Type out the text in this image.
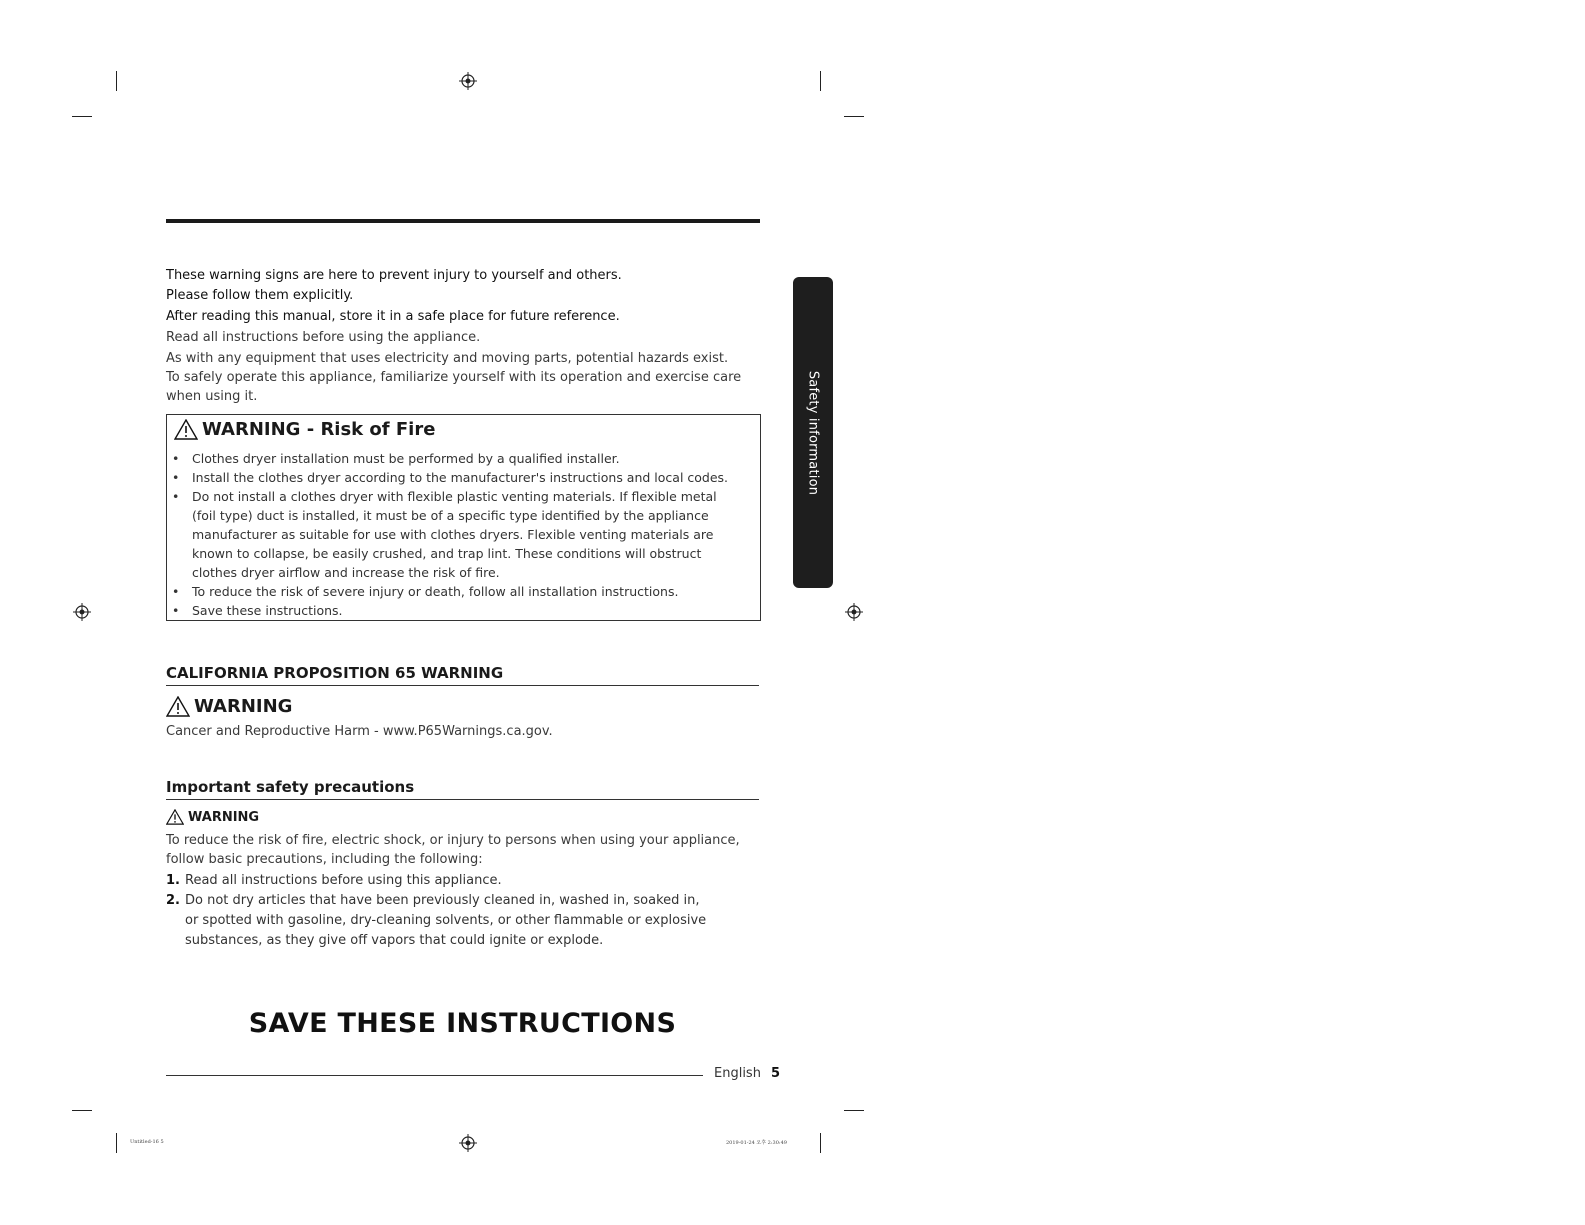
These warning signs are here to prevent injury to yourself and others.
Please follow them explicitly.
After reading this manual, store it in a safe place for future reference.
Read all instructions before using the appliance.
As with any equipment that uses electricity and moving parts, potential hazards exist.
To safely operate this appliance, familiarize yourself with its operation and exercise care
when using it.	Safety information
WARNING - Risk of Fire
• Clothes dryer installation must be performed by a qualified installer.
• Install the clothes dryer according to the manufacturer's instructions and local codes.
• Do not install a clothes dryer with flexible plastic venting materials. If flexible metal
(foil type) duct is installed, it must be of a specific type identified by the appliance
manufacturer as suitable for use with clothes dryers. Flexible venting materials are
known to collapse, be easily crushed, and trap lint. These conditions will obstruct
clothes dryer airflow and increase the risk of fire.
• To reduce the risk of severe injury or death, follow all installation instructions.
• Save these instructions.
CALIFORNIA PROPOSITION 65 WARNING
WARNING
Cancer and Reproductive Harm - www.P65Warnings.ca.gov.
Important safety precautions
WARNING
To reduce the risk of fire, electric shock, or injury to persons when using your appliance,
follow basic precautions, including the following:
1. Read all instructions before using this appliance.
2. Do not dry articles that have been previously cleaned in, washed in, soaked in,
or spotted with gasoline, dry-cleaning solvents, or other flammable or explosive
substances, as they give off vapors that could ignite or explode.
SAVE THESE INSTRUCTIONS
English 5
Untitled-16 5	2019-01-24 오후 2:30:49
